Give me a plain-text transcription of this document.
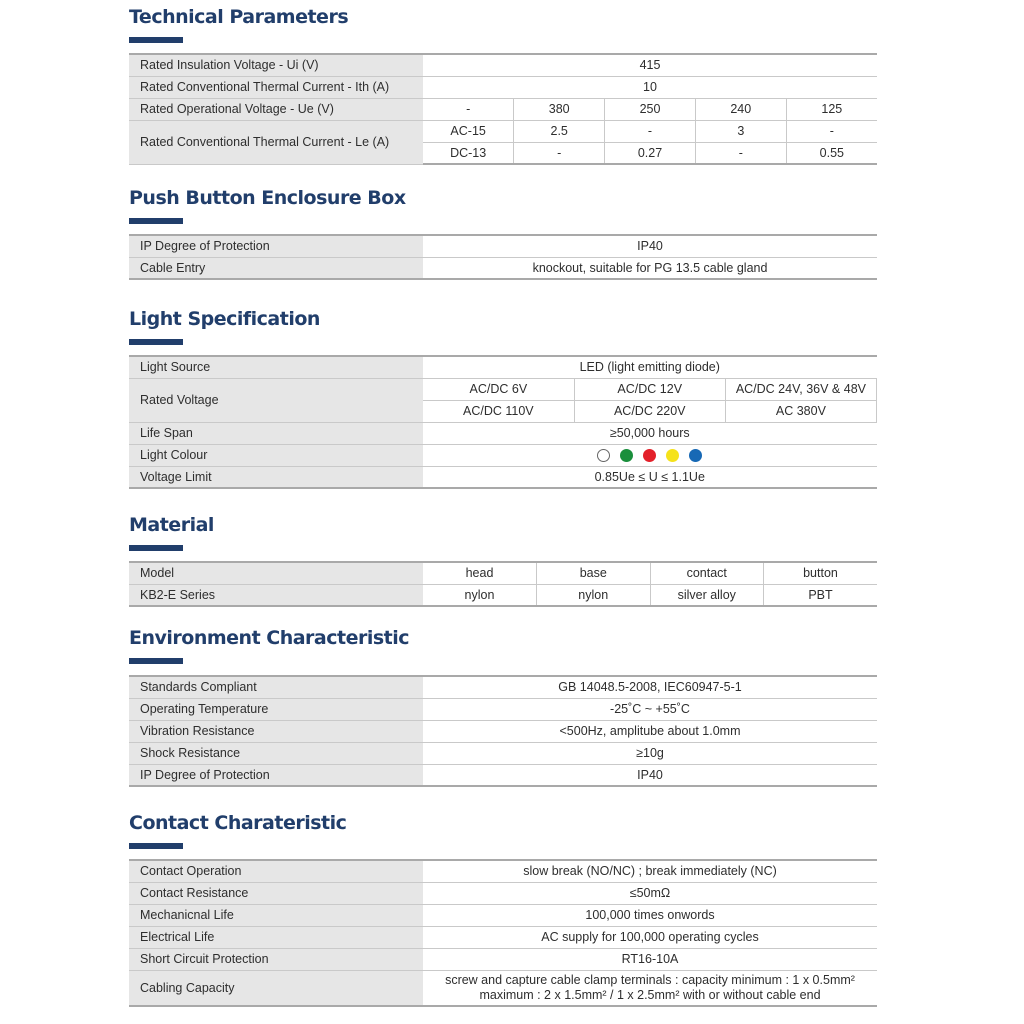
Technical Parameters
Rated Insulation Voltage - Ui (V)	415				
Rated Conventional Thermal Current - Ith (A)	10				
Rated Operational Voltage - Ue (V)	-	380	250	240	125
Rated Conventional Thermal Current - Le (A)	AC-15	2.5	-	3	-
	DC-13	-	0.27	-	0.55
Push Button Enclosure Box
IP Degree of Protection	IP40
Cable Entry	knockout, suitable for PG 13.5 cable gland
Light Specification
Light Source	LED (light emitting diode)		
Rated Voltage	AC/DC 6V	AC/DC 12V	AC/DC 24V, 36V & 48V
	AC/DC 110V	AC/DC 220V	AC 380V
Life Span	≥50,000 hours		
Light Colour			

Voltage Limit	0.85Ue ≤ U ≤ 1.1Ue		
Material
Model	head	base	contact	button
KB2-E Series	nylon	nylon	silver alloy	PBT
Environment Characteristic
Standards Compliant	GB 14048.5-2008, IEC60947-5-1
Operating Temperature	-25˚C ~ +55˚C
Vibration Resistance	<500Hz, amplitube about 1.0mm
Shock Resistance	≥10g
IP Degree of Protection	IP40
Contact Charateristic
Contact Operation	slow break (NO/NC) ; break immediately (NC)
Contact Resistance	≤50mΩ
Mechanicnal Life	100,000 times onwords
Electrical Life	AC supply for 100,000 operating cycles
Short Circuit Protection	RT16-10A
Cabling Capacity	screw and capture cable clamp terminals : capacity minimum : 1 x 0.5mm²
maximum : 2 x 1.5mm² / 1 x 2.5mm² with or without cable end
